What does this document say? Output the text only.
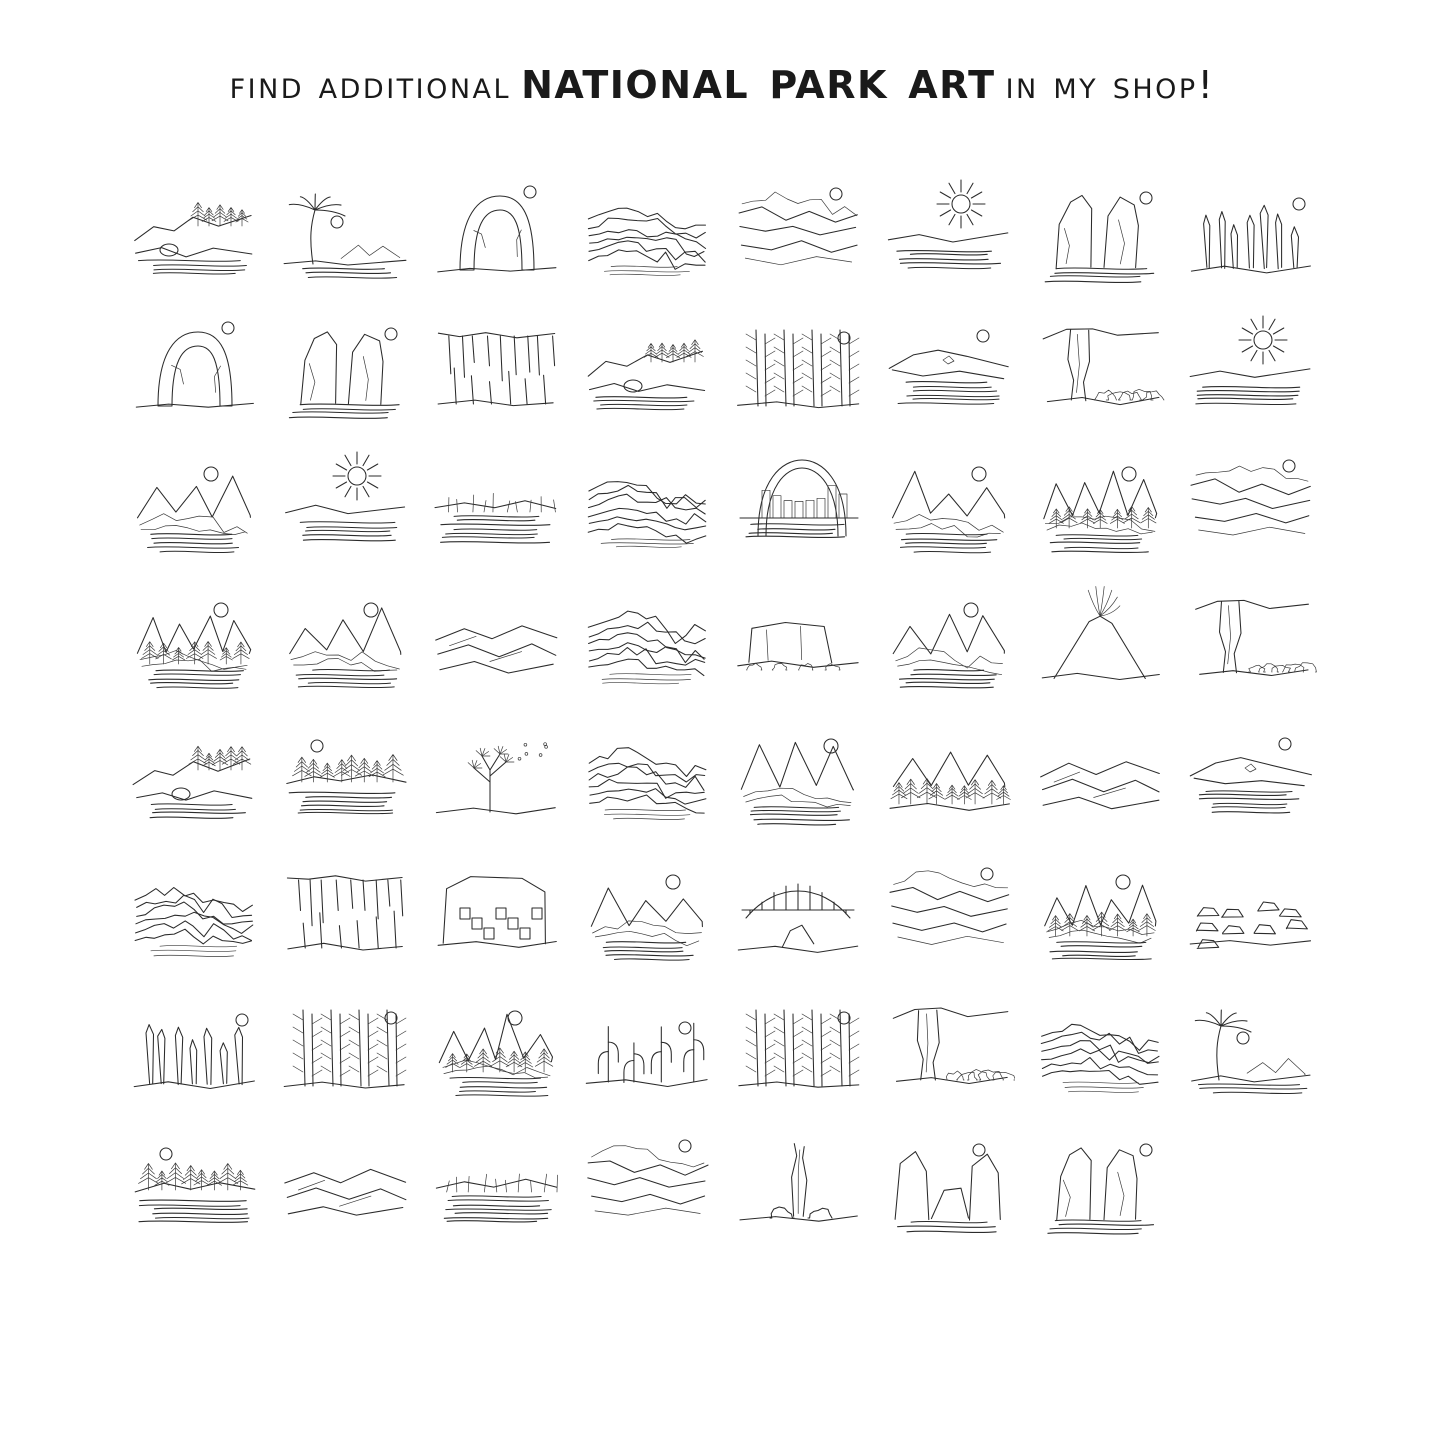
find additional national park art in my shop!
